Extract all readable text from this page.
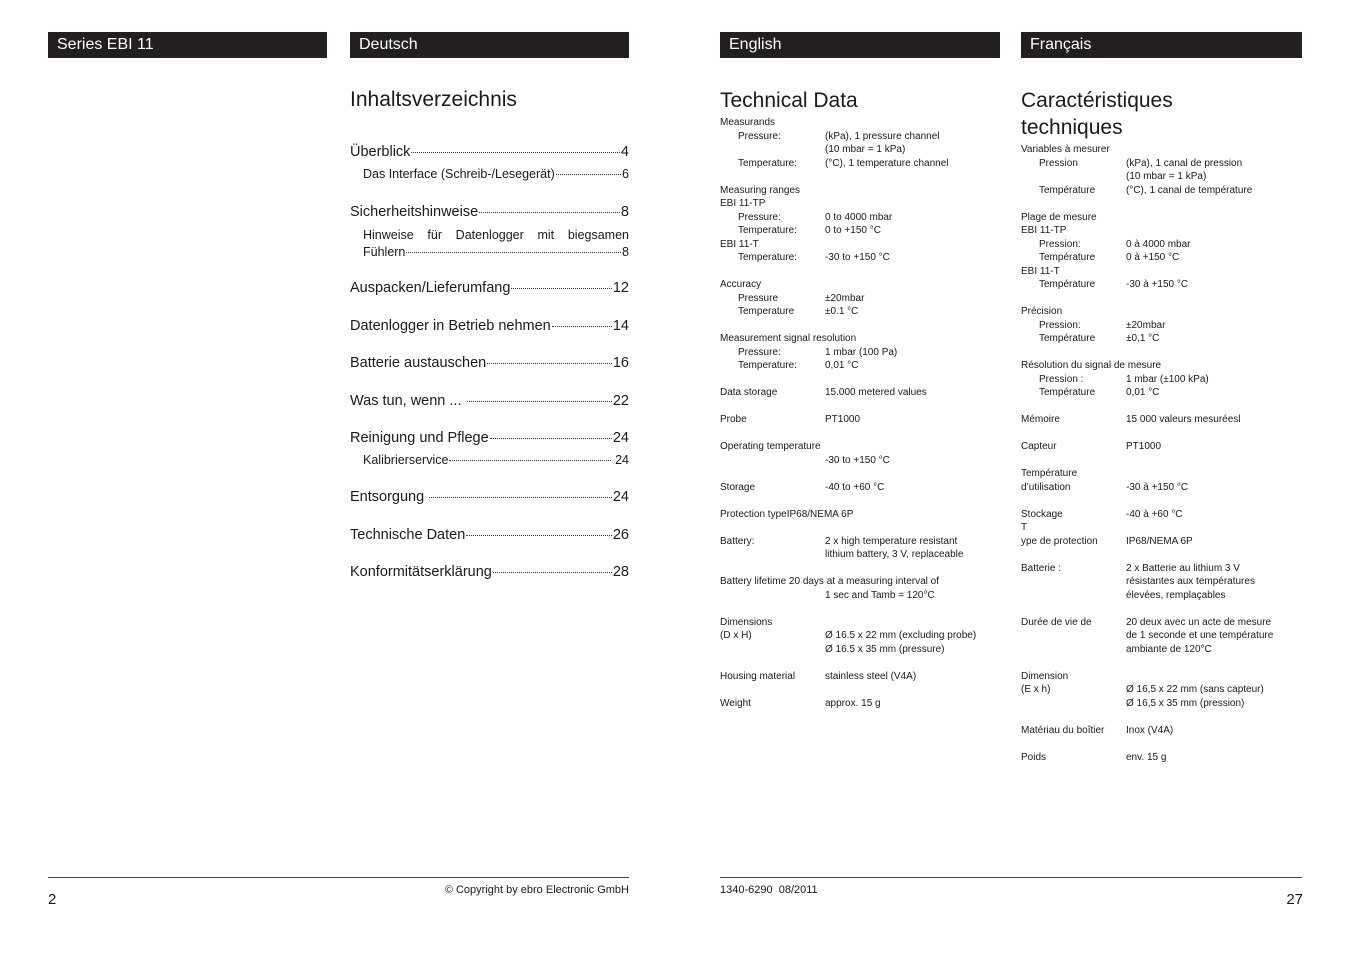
Series EBI 11	Deutsch	English	Français
Inhaltsverzeichnis
Überblick	4
Das Interface (Schreib-/Lesegerät)	6
Sicherheitshinweise	8
Hinweise für Datenlogger mit biegsamen
Fühlern	8
Auspacken/Lieferumfang	12
Datenlogger in Betrieb nehmen	14
Batterie austauschen	16
Was tun, wenn ...	22
Reinigung und Pflege	24
Kalibrierservice	24
Entsorgung	24
Technische Daten	26
Konformitätserklärung	28
Technical Data
Measurands
Pressure:	(kPa), 1 pressure channel
(10 mbar = 1 kPa)
Temperature:	(°C), 1 temperature channel
Measuring ranges
EBI 11-TP
Pressure:	0 to 4000 mbar
Temperature:	0 to +150 °C
EBI 11-T
Temperature:	-30 to +150 °C
Accuracy
Pressure	±20mbar
Temperature	±0.1 °C
Measurement signal resolution
Pressure:	1 mbar (100 Pa)
Temperature:	0,01 °C
Data storage	15.000 metered values
Probe	PT1000
Operating temperature
-30 to +150 °C
Storage	-40 to +60 °C
Protection typeIP68/NEMA 6P
Battery:	2 x high temperature resistant
lithium battery, 3 V, replaceable
Battery lifetime 20 days at a measuring interval of
1 sec and Tamb = 120°C
Dimensions
(D x H)	Ø 16.5 x 22 mm (excluding probe)
Ø 16.5 x 35 mm (pressure)
Housing material	stainless steel (V4A)
Weight	approx. 15 g
Caractéristiques
techniques
Variables à mesurer
Pression	(kPa), 1 canal de pression
(10 mbar = 1 kPa)
Température	(°C), 1 canal de température
Plage de mesure
EBI 11-TP
Pression:	0 à 4000 mbar
Température	0 à +150 °C
EBI 11-T
Température	-30 à +150 °C
Précision
Pression:	±20mbar
Température	±0,1 °C
Résolution du signal de mesure
Pression :	1 mbar (±100 kPa)
Température	0,01 °C
Mémoire	15 000 valeurs mesuréesl
Capteur	PT1000
Température
d’utilisation	-30 à +150 °C
Stockage	-40 à +60 °C
T
ype de protection	IP68/NEMA 6P
Batterie :	2 x Batterie au lithium 3 V
résistantes aux températures
élevées, remplaçables
Durée de vie de	20 deux avec un acte de mesure
de 1 seconde et une température
ambiante de 120°C
Dimension
(E x h)	Ø 16,5 x 22 mm (sans capteur)
Ø 16,5 x 35 mm (pression)
Matériau du boîtier Inox (V4A)
Poids	env. 15 g
2
© Copyright by ebro Electronic GmbH	1340-6290  08/2011
27
